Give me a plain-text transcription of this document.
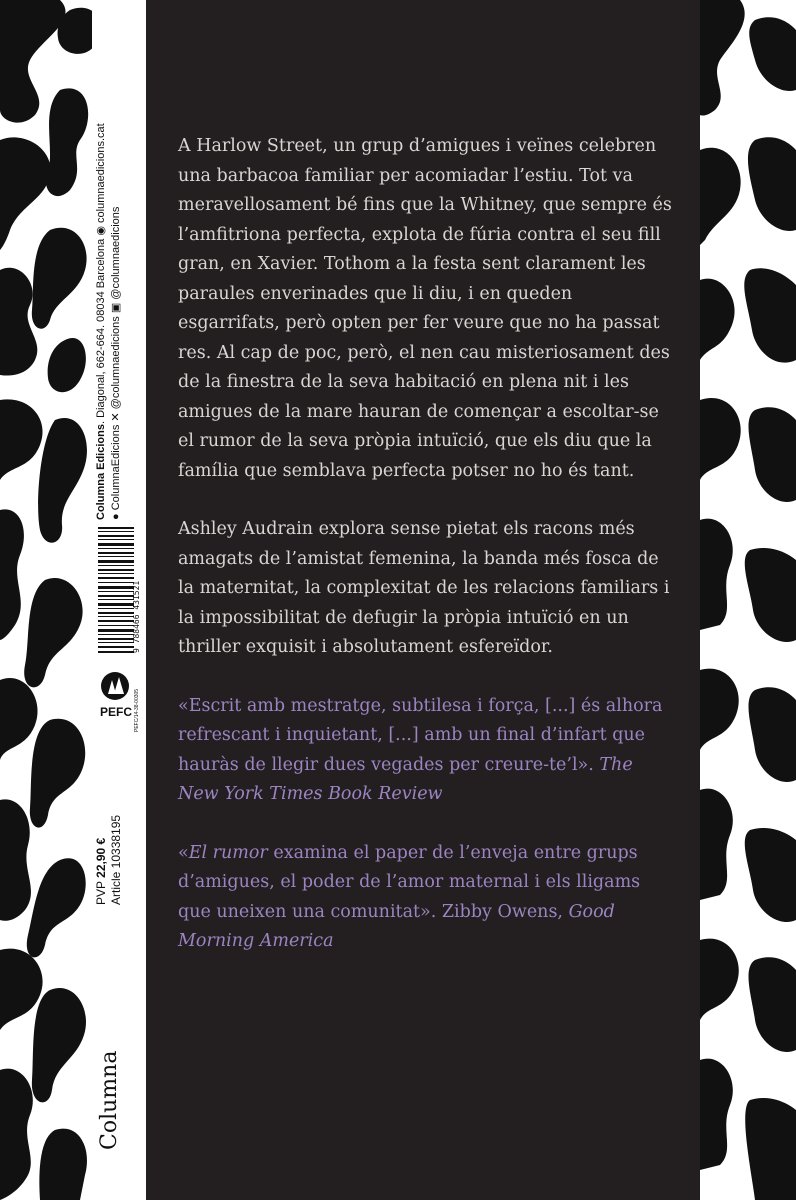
Columna Edicions. Diagonal, 662-664. 08034 Barcelona ◉ columnaedicions.cat
● ColumnaEdicions ✕ @columnaedicions ▣ @columnaedicions
PVP 22,90 € Article 10338195
Columna
9 788466 431521
PEFC PEFC/14-38-00305

A Harlow Street, un grup d’amigues i veïnes celebren una barbacoa familiar per acomiadar l’estiu. Tot va meravellosament bé fins que la Whitney, que sempre és l’amfitriona perfecta, explota de fúria contra el seu fill gran, en Xavier. Tothom a la festa sent clarament les paraules enverinades que li diu, i en queden esgarrifats, però opten per fer veure que no ha passat res. Al cap de poc, però, el nen cau misteriosament des de la finestra de la seva habitació en plena nit i les amigues de la mare hauran de començar a escoltar-se el rumor de la seva pròpia intuïció, que els diu que la família que semblava perfecta potser no ho és tant.

Ashley Audrain explora sense pietat els racons més amagats de l’amistat femenina, la banda més fosca de la maternitat, la complexitat de les relacions familiars i la impossibilitat de defugir la pròpia intuïció en un thriller exquisit i absolutament esfereïdor.

«Escrit amb mestratge, subtilesa i força, [...] és alhora refrescant i inquietant, [...] amb un final d’infart que hauràs de llegir dues vegades per creure-te’l». The New York Times Book Review

«El rumor examina el paper de l’enveja entre grups d’amigues, el poder de l’amor maternal i els lligams que uneixen una comunitat». Zibby Owens, Good Morning America
